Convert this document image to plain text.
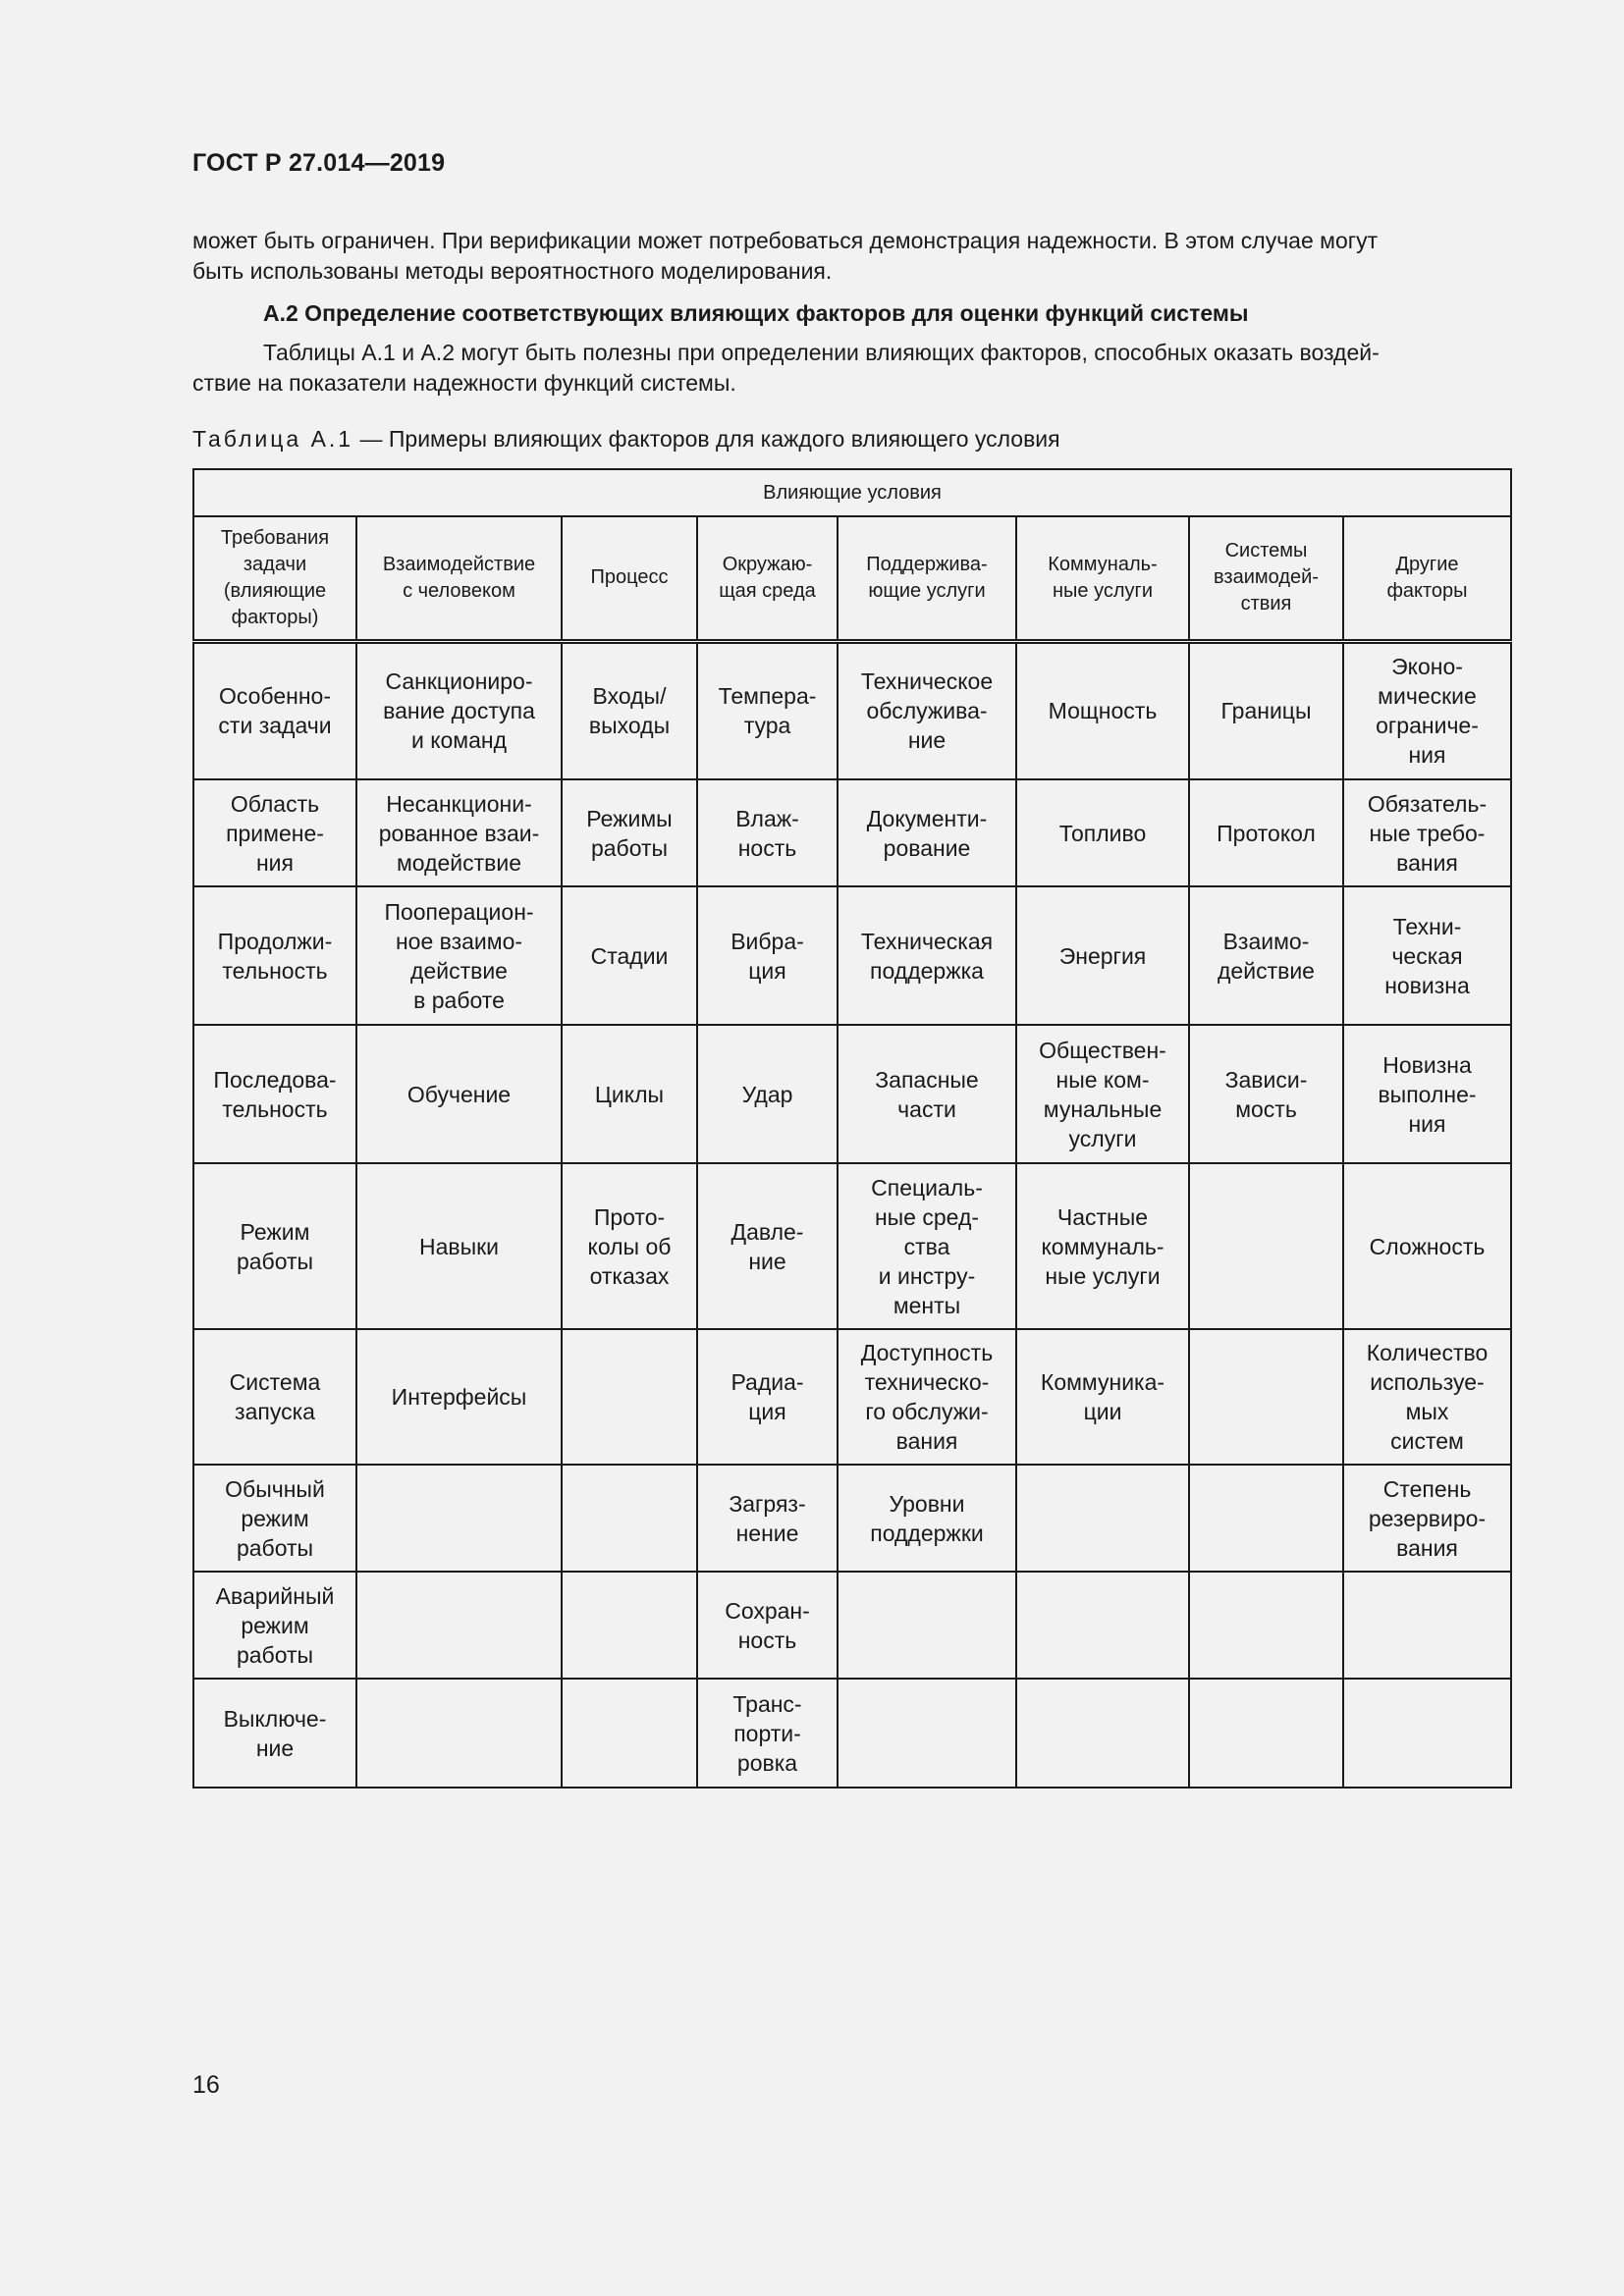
ГОСТ Р 27.014—2019
может быть ограничен. При верификации может потребоваться демонстрация надежности. В этом случае могут
быть использованы методы вероятностного моделирования.
А.2 Определение соответствующих влияющих факторов для оценки функций системы
Таблицы А.1 и А.2 могут быть полезны при определении влияющих факторов, способных оказать воздей-
ствие на показатели надежности функций системы.
Таблица А.1 — Примеры влияющих факторов для каждого влияющего условия
Влияющие условия							

Требования
задачи
(влияющие
факторы)	Взаимодействие
с человеком	Процесс	Окружаю-
щая среда	Поддержива-
ющие услуги	Коммуналь-
ные услуги	Системы
взаимодей-
ствия	Другие
факторы

Особенно-
сти задачи	Санкциониро-
вание доступа
и команд	Входы/
выходы	Темпера-
тура	Техническое
обслужива-
ние	Мощность	Границы	Эконо-
мические
ограниче-
ния

Область
примене-
ния	Несанкциони-
рованное взаи-
модействие	Режимы
работы	Влаж-
ность	Документи-
рование	Топливо	Протокол	Обязатель-
ные требо-
вания

Продолжи-
тельность	Пооперацион-
ное взаимо-
действие
в работе	Стадии	Вибра-
ция	Техническая
поддержка	Энергия	Взаимо-
действие	Техни-
ческая
новизна

Последова-
тельность	Обучение	Циклы	Удар	Запасные
части	Обществен-
ные ком-
мунальные
услуги	Зависи-
мость	Новизна
выполне-
ния

Режим
работы	Навыки	Прото-
колы об
отказах	Давле-
ние	Специаль-
ные сред-
ства
и инстру-
менты	Частные
коммуналь-
ные услуги		Сложность

Система
запуска	Интерфейсы		Радиа-
ция	Доступность
техническо-
го обслужи-
вания	Коммуника-
ции		Количество
используе-
мых
систем

Обычный
режим
работы			Загряз-
нение	Уровни
поддержки			Степень
резервиро-
вания

Аварийный
режим
работы			Сохран-
ность				

Выключе-
ние			Транс-
порти-
ровка				

16
